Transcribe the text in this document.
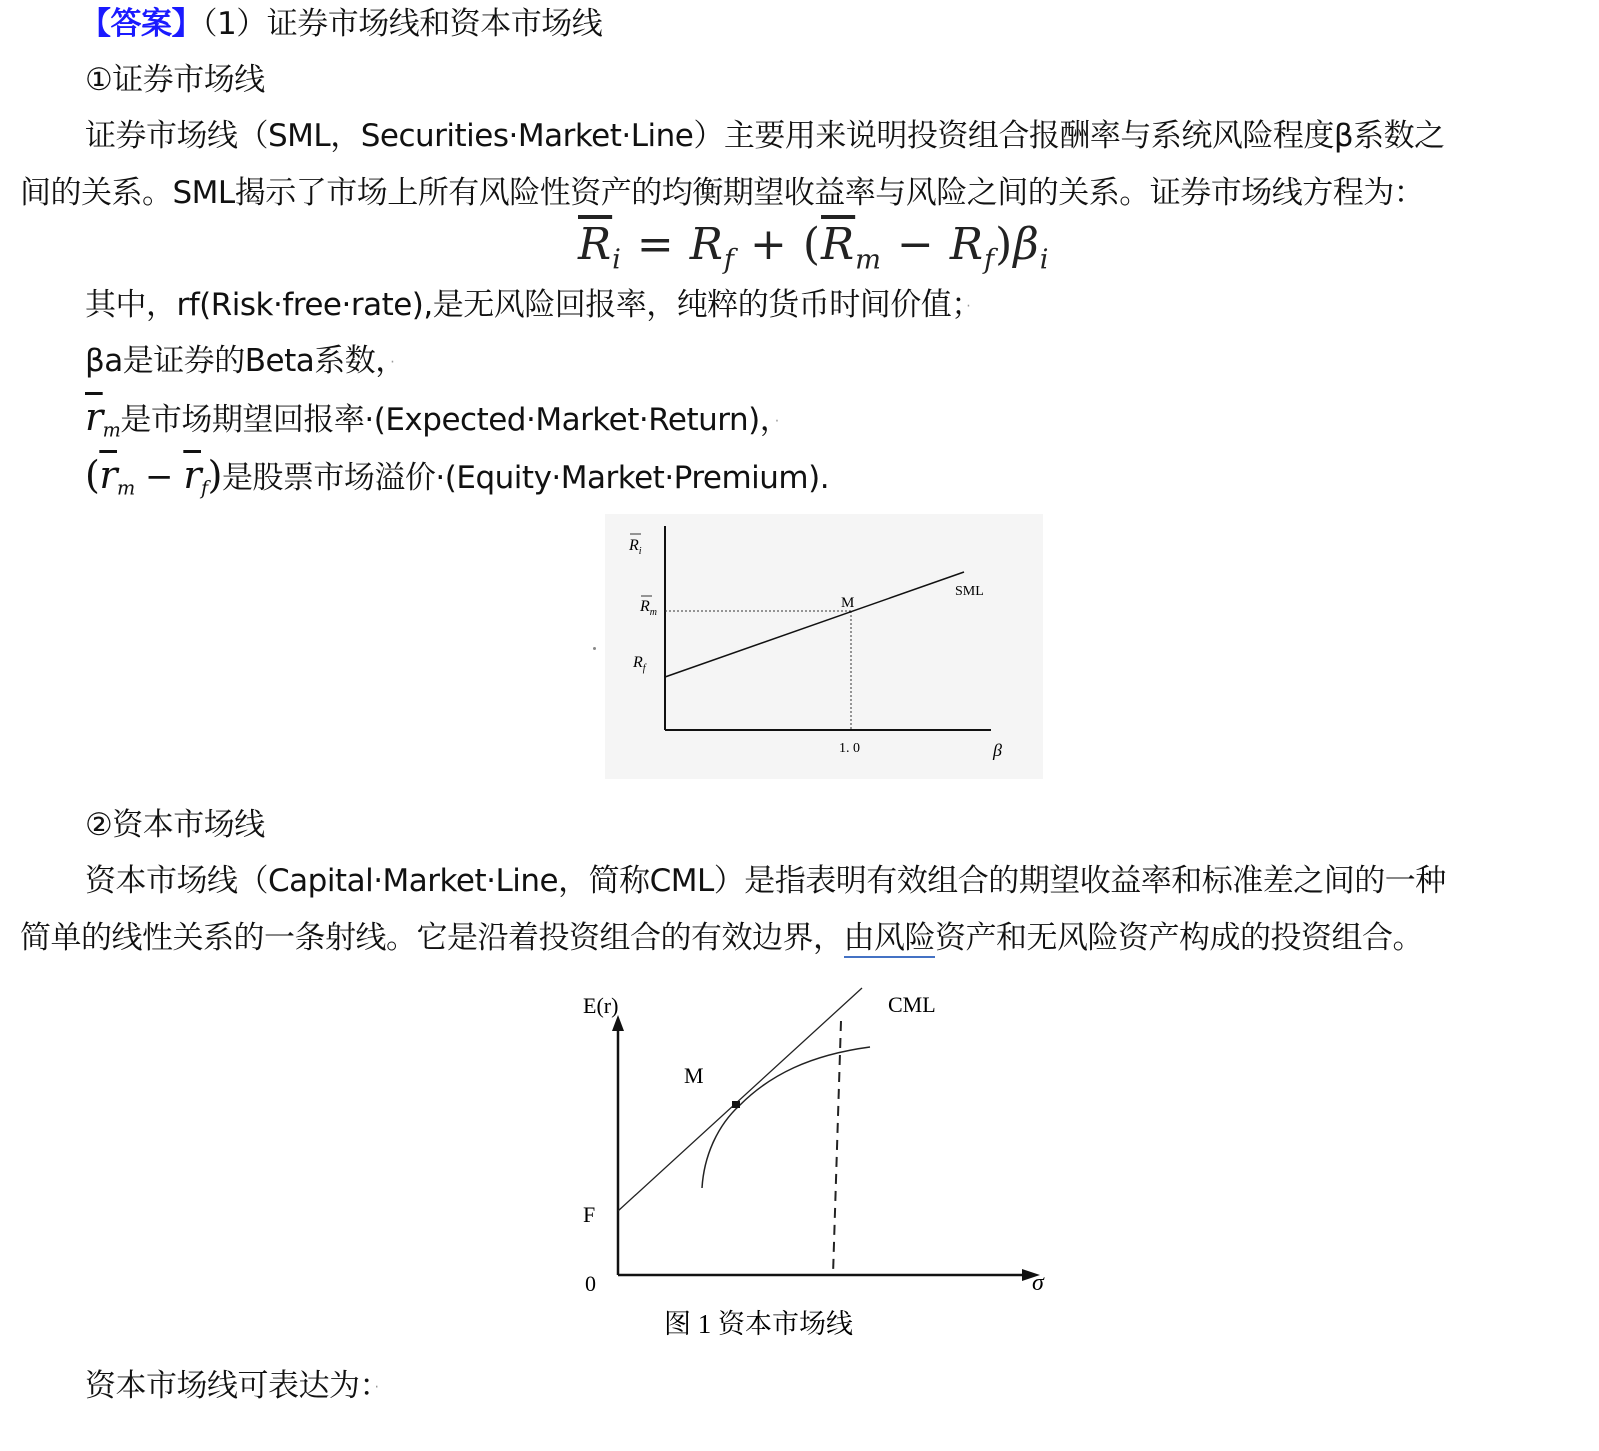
【答案】（1）证券市场线和资本市场线
①证券市场线
证券市场线（SML，Securities·Market·Line）主要用来说明投资组合报酬率与系统风险程度β系数之
间的关系。SML揭示了市场上所有风险性资产的均衡期望收益率与风险之间的关系。证券市场线方程为：
$\overline{R}_i = R_f + (\overline{R}_m - R_f)\beta_i$
其中，rf(Risk·free·rate),是无风险回报率，纯粹的货币时间价值；·
βa是证券的Beta系数，·
$\overline{r}_m$是市场期望回报率·(Expected·Market·Return)，·
$(\overline{r}_m - \overline{r}_f)$是股票市场溢价·(Equity·Market·Premium).
$R_i$
$R_m$
$R_f$
M
SML
1. 0	β
②资本市场线
资本市场线（Capital·Market·Line，简称CML）是指表明有效组合的期望收益率和标准差之间的一种
简单的线性关系的一条射线。它是沿着投资组合的有效边界，由风险资产和无风险资产构成的投资组合。
E(r)
F
0
M
CML
σ
图 1 资本市场线
资本市场线可表达为：·
